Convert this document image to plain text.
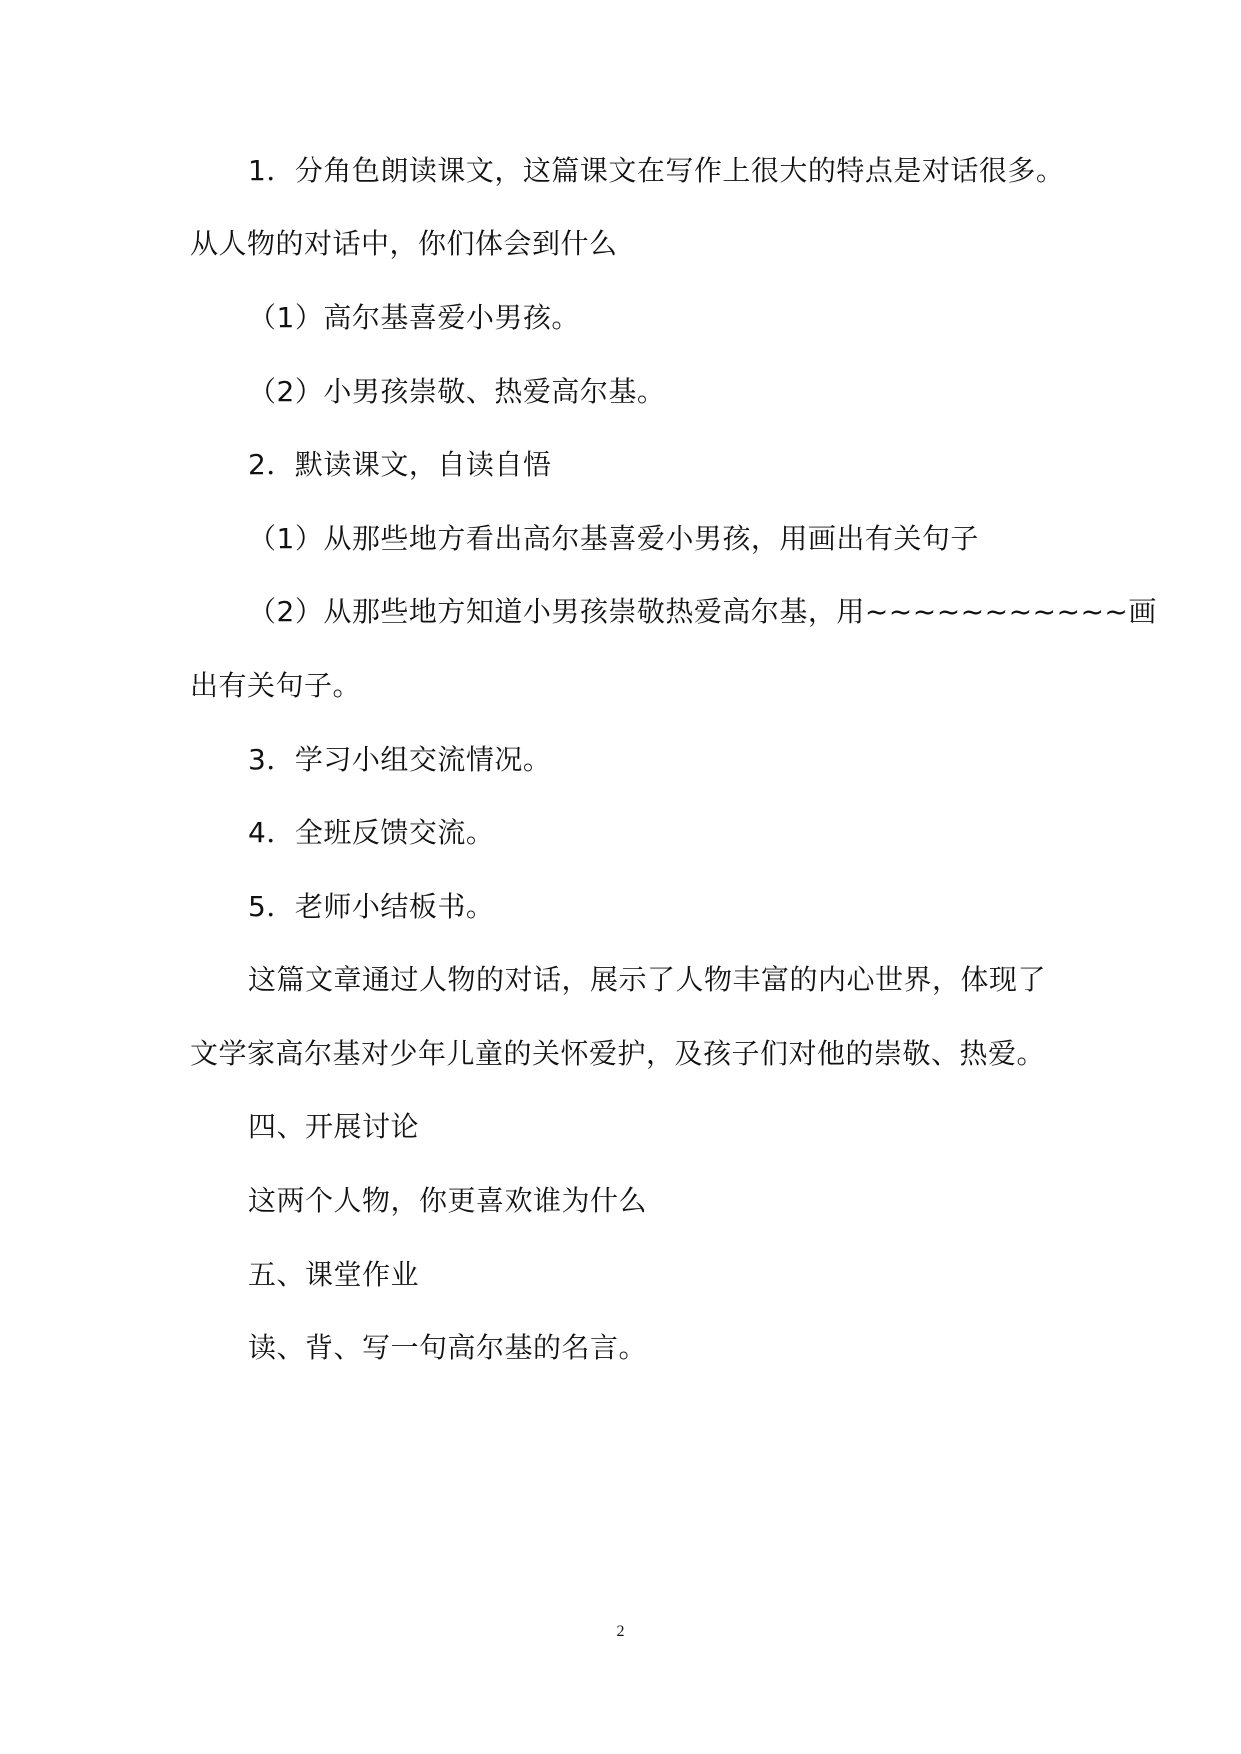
1．分角色朗读课文，这篇课文在写作上很大的特点是对话很多。
从人物的对话中，你们体会到什么
（1）高尔基喜爱小男孩。
（2）小男孩崇敬、热爱高尔基。
2．默读课文，自读自悟
（1）从那些地方看出高尔基喜爱小男孩，用画出有关句子
（2）从那些地方知道小男孩崇敬热爱高尔基，用~~~~~~~~~~~画
出有关句子。
3．学习小组交流情况。
4．全班反馈交流。
5．老师小结板书。
这篇文章通过人物的对话，展示了人物丰富的内心世界，体现了
文学家高尔基对少年儿童的关怀爱护，及孩子们对他的崇敬、热爱。
四、开展讨论
这两个人物，你更喜欢谁为什么
五、课堂作业
读、背、写一句高尔基的名言。
2
